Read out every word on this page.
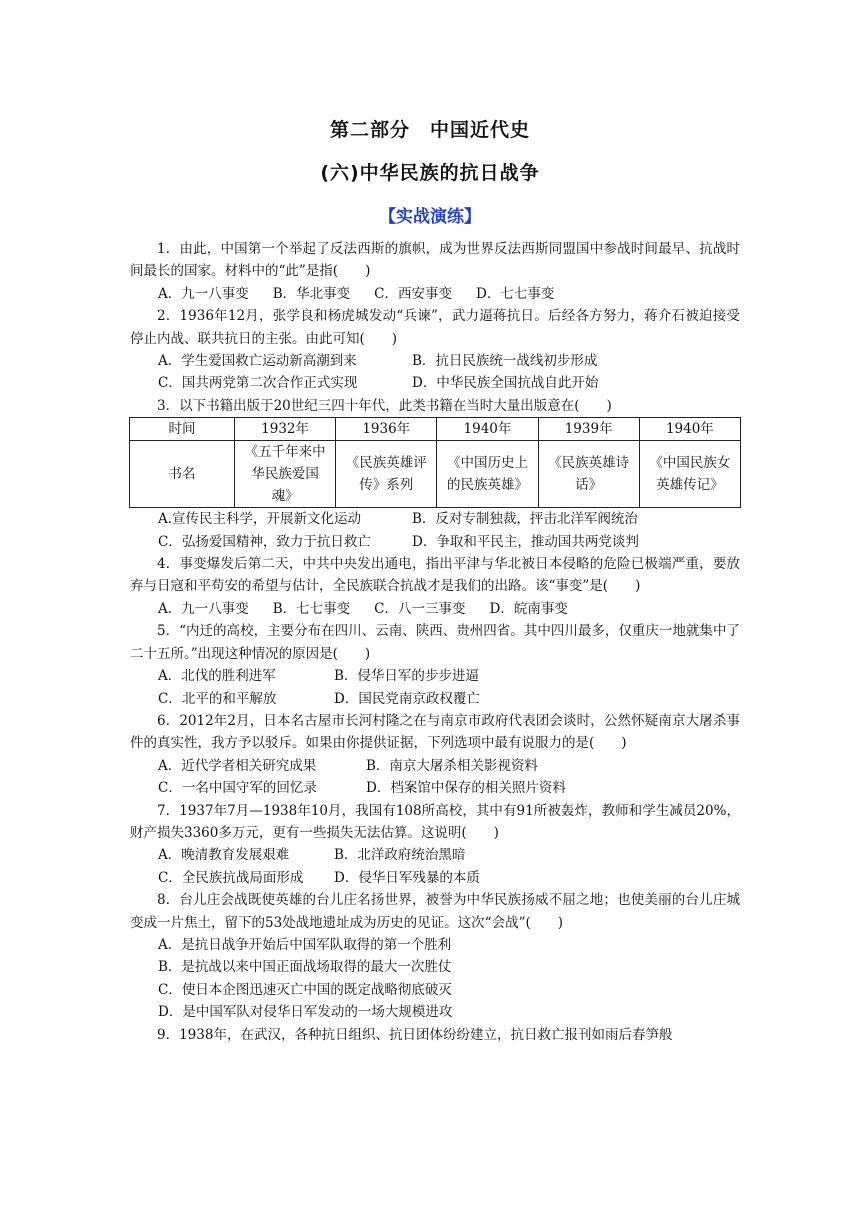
第二部分　中国近代史
(六)中华民族的抗日战争
【实战演练】

1．由此，中国第一个举起了反法西斯的旗帜，成为世界反法西斯同盟国中参战时间最早、抗战时间最长的国家。材料中的“此”是指(　　)

A．九一八事变 B．华北事变 C．西安事变 D．七七事变

2．1936年12月，张学良和杨虎城发动“兵谏”，武力逼蒋抗日。后经各方努力，蒋介石被迫接受停止内战、联共抗日的主张。由此可知(　　)

A．学生爱国救亡运动新高潮到来	B．抗日民族统一战线初步形成

C．国共两党第二次合作正式实现	D．中华民族全国抗战自此开始

3．以下书籍出版于20世纪三四十年代，此类书籍在当时大量出版意在(　　)

时间	1932年	1936年	1940年	1939年	1940年
书名	《五千年来中华民族爱国魂》	《民族英雄评传》系列	《中国历史上的民族英雄》	《民族英雄诗话》	《中国民族女英雄传记》

A.宣传民主科学，开展新文化运动	B．反对专制独裁，抨击北洋军阀统治

C．弘扬爱国精神，致力于抗日救亡	D．争取和平民主，推动国共两党谈判

4．事变爆发后第二天，中共中央发出通电，指出平津与华北被日本侵略的危险已极端严重，要放弃与日寇和平苟安的希望与估计，全民族联合抗战才是我们的出路。该“事变”是(　　)

A．九一八事变 B．七七事变 C．八一三事变 D．皖南事变

5．“内迁的高校，主要分布在四川、云南、陕西、贵州四省。其中四川最多，仅重庆一地就集中了二十五所。”出现这种情况的原因是(　　)

A．北伐的胜利进军	B．侵华日军的步步进逼

C．北平的和平解放	D．国民党南京政权覆亡

6．2012年2月，日本名古屋市长河村隆之在与南京市政府代表团会谈时，公然怀疑南京大屠杀事件的真实性，我方予以驳斥。如果由你提供证据，下列选项中最有说服力的是(　　)

A．近代学者相关研究成果	B．南京大屠杀相关影视资料

C．一名中国守军的回忆录	D．档案馆中保存的相关照片资料

7．1937年7月—1938年10月，我国有108所高校，其中有91所被轰炸，教师和学生减员20%，财产损失3360多万元，更有一些损失无法估算。这说明(　　)

A．晚清教育发展艰难	B．北洋政府统治黑暗

C．全民族抗战局面形成 D．侵华日军残暴的本质

8．台儿庄会战既使英雄的台儿庄名扬世界，被誉为中华民族扬威不屈之地；也使美丽的台儿庄城变成一片焦土，留下的53处战地遗址成为历史的见证。这次“会战”(　　)

A．是抗日战争开始后中国军队取得的第一个胜利

B．是抗战以来中国正面战场取得的最大一次胜仗

C．使日本企图迅速灭亡中国的既定战略彻底破灭

D．是中国军队对侵华日军发动的一场大规模进攻

9．1938年，在武汉，各种抗日组织、抗日团体纷纷建立，抗日救亡报刊如雨后春笋般
